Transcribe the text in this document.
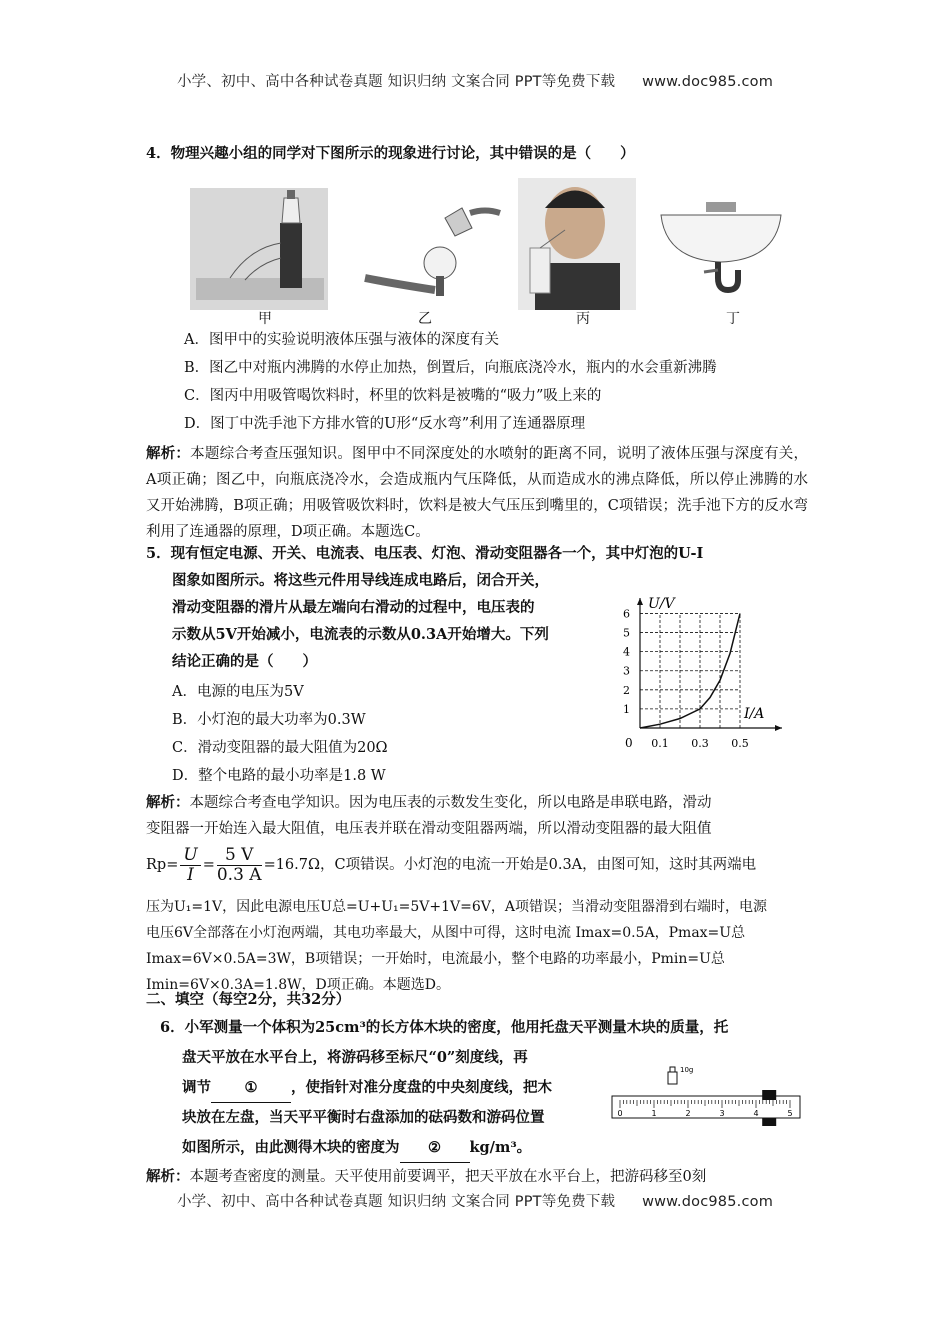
小学、初中、高中各种试卷真题 知识归纳 文案合同 PPT等免费下载 www.doc985.com
4．物理兴趣小组的同学对下图所示的现象进行讨论，其中错误的是（　　）
甲	乙	丙	丁
A．图甲中的实验说明液体压强与液体的深度有关
B．图乙中对瓶内沸腾的水停止加热，倒置后，向瓶底浇冷水，瓶内的水会重新沸腾
C．图丙中用吸管喝饮料时，杯里的饮料是被嘴的“吸力”吸上来的
D．图丁中洗手池下方排水管的U形“反水弯”利用了连通器原理
解析：本题综合考查压强知识。图甲中不同深度处的水喷射的距离不同，说明了液体压强与深度有关，A项正确；图乙中，向瓶底浇冷水，会造成瓶内气压降低，从而造成水的沸点降低，所以停止沸腾的水又开始沸腾，B项正确；用吸管吸饮料时，饮料是被大气压压到嘴里的，C项错误；洗手池下方的反水弯利用了连通器的原理，D项正确。本题选C。
5．现有恒定电源、开关、电流表、电压表、灯泡、滑动变阻器各一个，其中灯泡的U-I
图象如图所示。将这些元件用导线连成电路后，闭合开关，
滑动变阻器的滑片从最左端向右滑动的过程中，电压表的
示数从5V开始减小，电流表的示数从0.3A开始增大。下列
结论正确的是（　　）
A．电源的电压为5V
B．小灯泡的最大功率为0.3W
C．滑动变阻器的最大阻值为20Ω
D．整个电路的最小功率是1.8 W
1
2
3
4
5
6
0.1 0.3 0.5
0
U/V
I/A
解析：本题综合考查电学知识。因为电压表的示数发生变化，所以电路是串联电路，滑动
变阻器一开始连入最大阻值，电压表并联在滑动变阻器两端，所以滑动变阻器的最大阻值
$Rp= \frac{U}{I} = \frac{5 V}{0.3 A} =16.7\Omega$，C项错误。小灯泡的电流一开始是0.3A，由图可知，这时其两端电
压为U₁=1V，因此电源电压U总=U+U₁=5V+1V=6V，A项错误；当滑动变阻器滑到右端时，电源
电压6V全部落在小灯泡两端，其电功率最大，从图中可得，这时电流 Imax=0.5A，Pmax=U总
Imax=6V×0.5A=3W，B项错误；一开始时，电流最小，整个电路的功率最小，Pmin=U总
Imin=6V×0.3A=1.8W，D项正确。本题选D。
二、填空（每空2分，共32分）
6．小军测量一个体积为25cm³的长方体木块的密度，他用托盘天平测量木块的质量，托
盘天平放在水平台上，将游码移至标尺“0”刻度线，再
调节 ① ，使指针对准分度盘的中央刻度线，把木
块放在左盘，当天平平衡时右盘添加的砝码数和游码位置
如图所示，由此测得木块的密度为 ② kg/m³。
10g
0	1	2	3	4	5
解析：本题考查密度的测量。天平使用前要调平，把天平放在水平台上，把游码移至0刻
小学、初中、高中各种试卷真题 知识归纳 文案合同 PPT等免费下载 www.doc985.com
